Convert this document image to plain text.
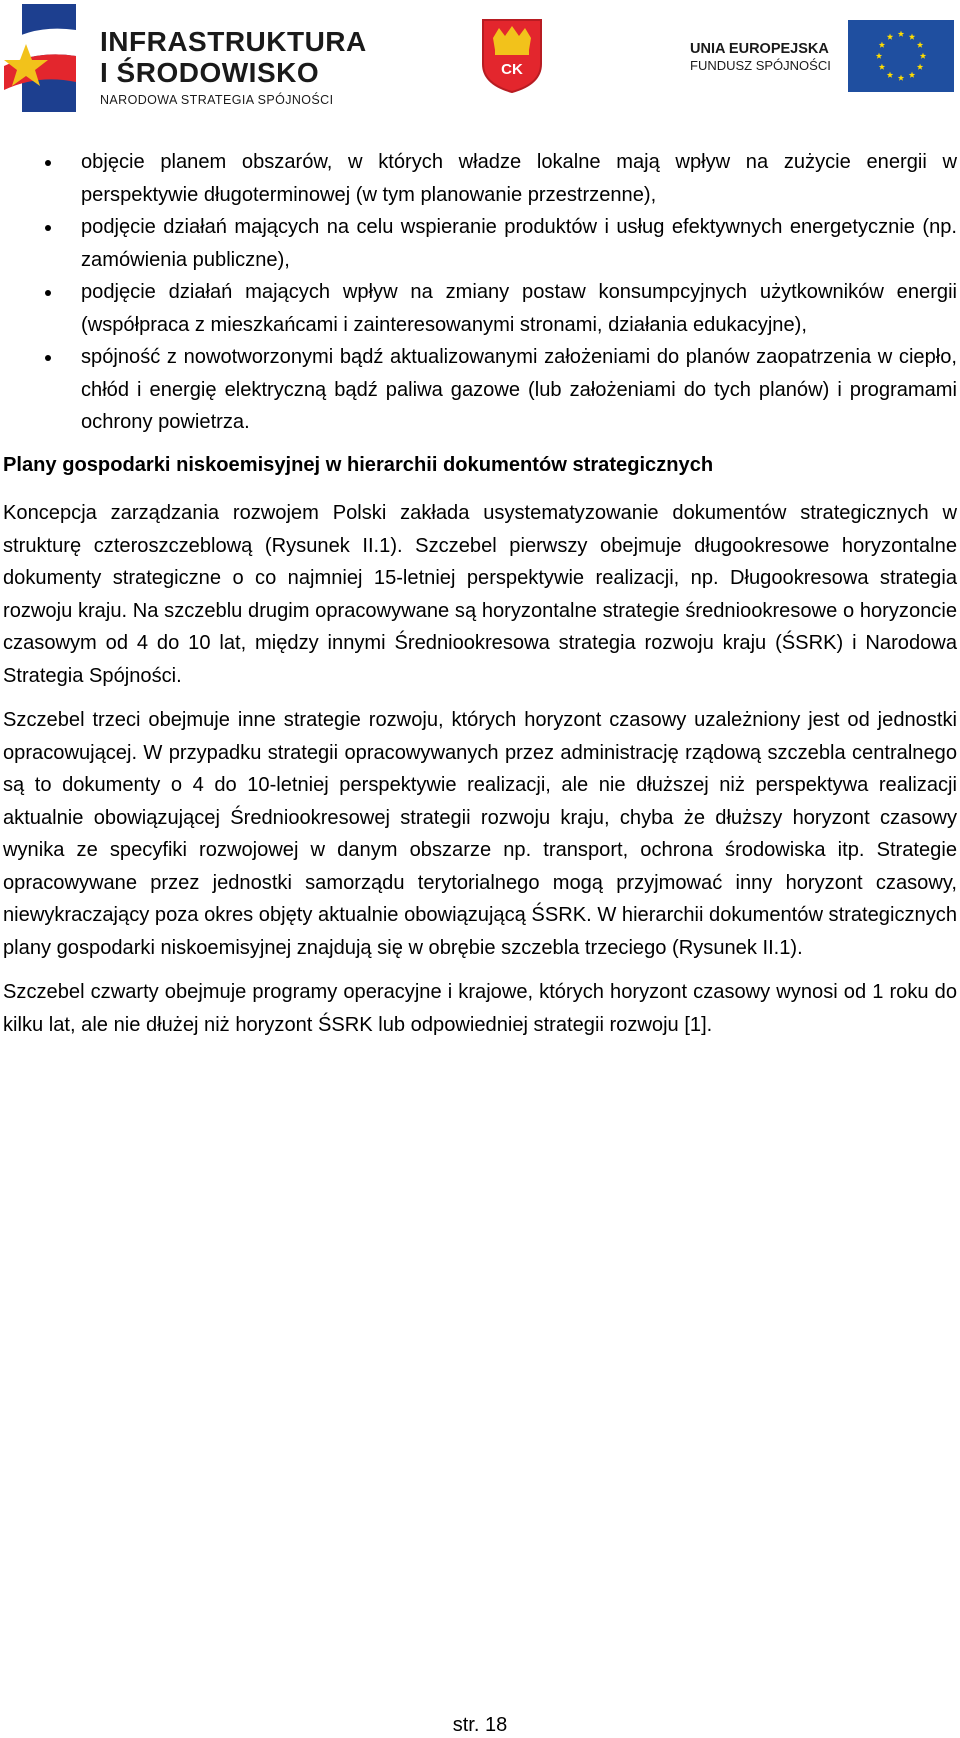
INFRASTRUKTURA
I ŚRODOWISKO
NARODOWA STRATEGIA SPÓJNOŚCI
CK
UNIA EUROPEJSKA
FUNDUSZ SPÓJNOŚCI
objęcie planem obszarów, w których władze lokalne mają wpływ na zużycie energii w perspektywie długoterminowej (w tym planowanie przestrzenne),
podjęcie działań mających na celu wspieranie produktów i usług efektywnych energetycznie (np. zamówienia publiczne),
podjęcie działań mających wpływ na zmiany postaw konsumpcyjnych użytkowników energii (współpraca z mieszkańcami i zainteresowanymi stronami, działania edukacyjne),
spójność z nowotworzonymi bądź aktualizowanymi założeniami do planów zaopatrzenia w ciepło, chłód i energię elektryczną bądź paliwa gazowe (lub założeniami do tych planów) i programami ochrony powietrza.
Plany gospodarki niskoemisyjnej w hierarchii dokumentów strategicznych

Koncepcja zarządzania rozwojem Polski zakłada usystematyzowanie dokumentów strategicznych w strukturę czteroszczeblową (Rysunek II.1). Szczebel pierwszy obejmuje długookresowe horyzontalne dokumenty strategiczne o co najmniej 15-letniej perspektywie realizacji, np. Długookresowa strategia rozwoju kraju. Na szczeblu drugim opracowywane są horyzontalne strategie średniookresowe o horyzoncie czasowym od 4 do 10 lat, między innymi Średniookresowa strategia rozwoju kraju (ŚSRK) i Narodowa Strategia Spójności.

Szczebel trzeci obejmuje inne strategie rozwoju, których horyzont czasowy uzależniony jest od jednostki opracowującej. W przypadku strategii opracowywanych przez administrację rządową szczebla centralnego są to dokumenty o 4 do 10-letniej perspektywie realizacji, ale nie dłuższej niż perspektywa realizacji aktualnie obowiązującej Średniookresowej strategii rozwoju kraju, chyba że dłuższy horyzont czasowy wynika ze specyfiki rozwojowej w danym obszarze np. transport, ochrona środowiska itp. Strategie opracowywane przez jednostki samorządu terytorialnego mogą przyjmować inny horyzont czasowy, niewykraczający poza okres objęty aktualnie obowiązującą ŚSRK. W hierarchii dokumentów strategicznych plany gospodarki niskoemisyjnej znajdują się w obrębie szczebla trzeciego (Rysunek II.1).

Szczebel czwarty obejmuje programy operacyjne i krajowe, których horyzont czasowy wynosi od 1 roku do kilku lat, ale nie dłużej niż horyzont ŚSRK lub odpowiedniej strategii rozwoju [1].

str. 18
